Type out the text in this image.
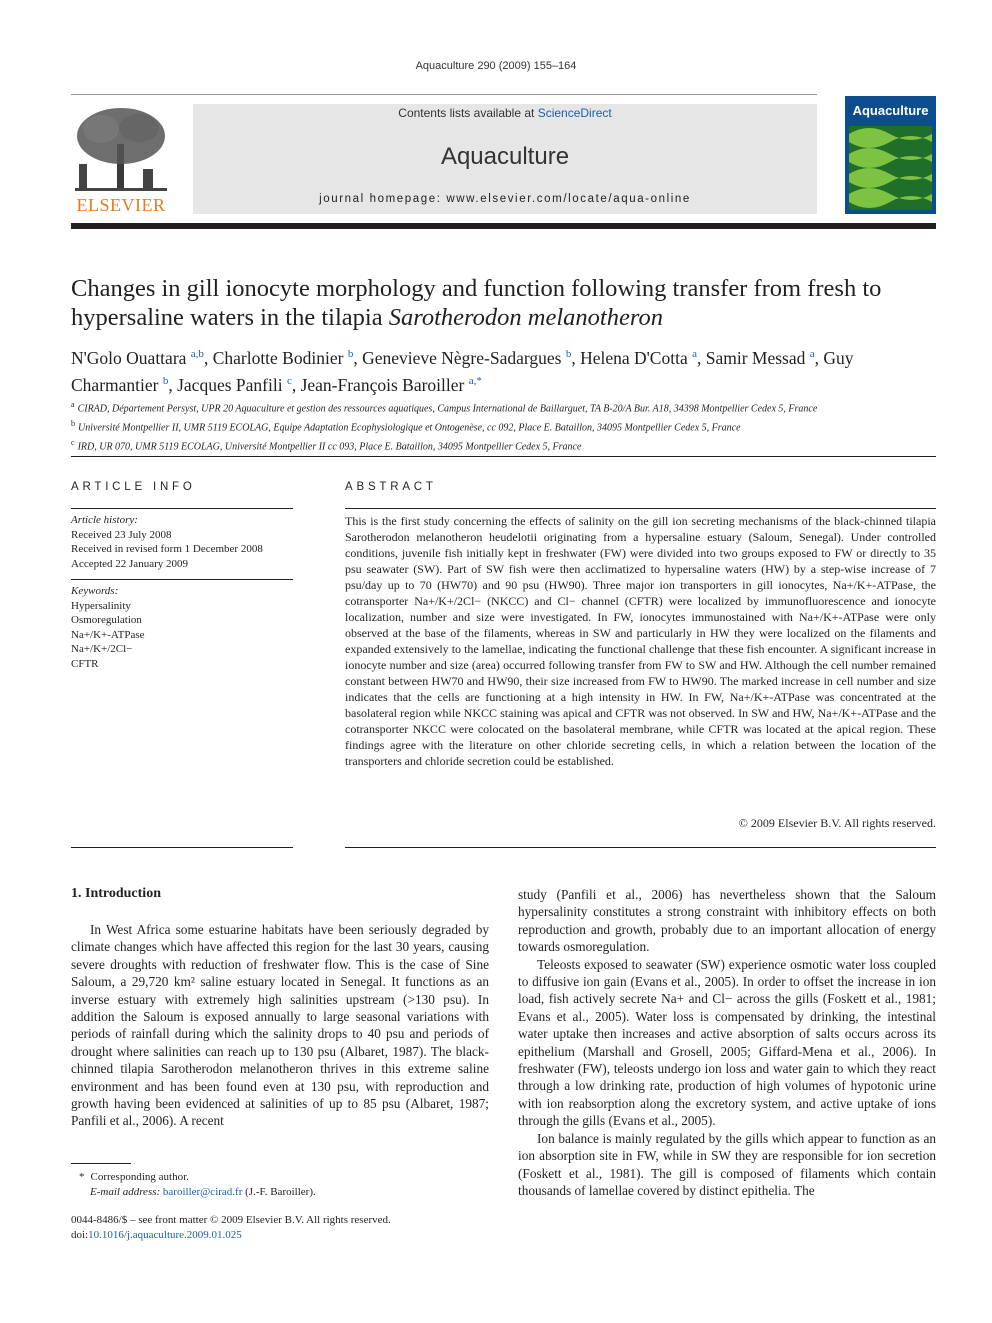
Aquaculture 290 (2009) 155–164
ELSEVIER
Contents lists available at ScienceDirect
Aquaculture
journal homepage: www.elsevier.com/locate/aqua-online
Aquaculture
Changes in gill ionocyte morphology and function following transfer from fresh to hypersaline waters in the tilapia Sarotherodon melanotheron
N'Golo Ouattara $^{a,b}$, Charlotte Bodinier $^b$, Genevieve Nègre-Sadargues $^b$, Helena D'Cotta $^a$, Samir Messad $^a$, Guy Charmantier $^b$, Jacques Panfili $^c$, Jean-François Baroiller $^{a,*}$
$^a$ CIRAD, Département Persyst, UPR 20 Aquaculture et gestion des ressources aquatiques, Campus International de Baillarguet, TA B-20/A Bur. A18, 34398 Montpellier Cedex 5, France
$^b$ Université Montpellier II, UMR 5119 ECOLAG, Equipe Adaptation Ecophysiologique et Ontogenèse, cc 092, Place E. Bataillon, 34095 Montpellier Cedex 5, France
$^c$ IRD, UR 070, UMR 5119 ECOLAG, Université Montpellier II cc 093, Place E. Bataillon, 34095 Montpellier Cedex 5, France
ARTICLE INFO
Article history:
Received 23 July 2008
Received in revised form 1 December 2008
Accepted 22 January 2009
Keywords:
Hypersalinity
Osmoregulation
Na+/K+-ATPase
Na+/K+/2Cl−
CFTR
ABSTRACT
This is the first study concerning the effects of salinity on the gill ion secreting mechanisms of the black-chinned tilapia Sarotherodon melanotheron heudelotii originating from a hypersaline estuary (Saloum, Senegal). Under controlled conditions, juvenile fish initially kept in freshwater (FW) were divided into two groups exposed to FW or directly to 35 psu seawater (SW). Part of SW fish were then acclimatized to hypersaline waters (HW) by a step-wise increase of 7 psu/day up to 70 (HW70) and 90 psu (HW90). Three major ion transporters in gill ionocytes, Na+/K+-ATPase, the cotransporter Na+/K+/2Cl− (NKCC) and Cl− channel (CFTR) were localized by immunofluorescence and ionocyte localization, number and size were investigated. In FW, ionocytes immunostained with Na+/K+-ATPase were only observed at the base of the filaments, whereas in SW and particularly in HW they were localized on the filaments and expanded extensively to the lamellae, indicating the functional challenge that these fish encounter. A significant increase in ionocyte number and size (area) occurred following transfer from FW to SW and HW. Although the cell number remained constant between HW70 and HW90, their size increased from FW to HW90. The marked increase in cell number and size indicates that the cells are functioning at a high intensity in HW. In FW, Na+/K+-ATPase was concentrated at the basolateral region while NKCC staining was apical and CFTR was not observed. In SW and HW, Na+/K+-ATPase and the cotransporter NKCC were colocated on the basolateral membrane, while CFTR was located at the apical region. These findings agree with the literature on other chloride secreting cells, in which a relation between the location of the transporters and chloride secretion could be established.
© 2009 Elsevier B.V. All rights reserved.
1. Introduction

In West Africa some estuarine habitats have been seriously degraded by climate changes which have affected this region for the last 30 years, causing severe droughts with reduction of freshwater flow. This is the case of Sine Saloum, a 29,720 km² saline estuary located in Senegal. It functions as an inverse estuary with extremely high salinities upstream (>130 psu). In addition the Saloum is exposed annually to large seasonal variations with periods of rainfall during which the salinity drops to 40 psu and periods of drought where salinities can reach up to 130 psu (Albaret, 1987). The black-chinned tilapia Sarotherodon melanotheron thrives in this extreme saline environment and has been found even at 130 psu, with reproduction and growth having been evidenced at salinities of up to 85 psu (Albaret, 1987; Panfili et al., 2006). A recent

study (Panfili et al., 2006) has nevertheless shown that the Saloum hypersalinity constitutes a strong constraint with inhibitory effects on both reproduction and growth, probably due to an important allocation of energy towards osmoregulation.

Teleosts exposed to seawater (SW) experience osmotic water loss coupled to diffusive ion gain (Evans et al., 2005). In order to offset the increase in ion load, fish actively secrete Na+ and Cl− across the gills (Foskett et al., 1981; Evans et al., 2005). Water loss is compensated by drinking, the intestinal water uptake then increases and active absorption of salts occurs across its epithelium (Marshall and Grosell, 2005; Giffard-Mena et al., 2006). In freshwater (FW), teleosts undergo ion loss and water gain to which they react through a low drinking rate, production of high volumes of hypotonic urine with ion reabsorption along the excretory system, and active uptake of ions through the gills (Evans et al., 2005).

Ion balance is mainly regulated by the gills which appear to function as an ion absorption site in FW, while in SW they are responsible for ion secretion (Foskett et al., 1981). The gill is composed of filaments which contain thousands of lamellae covered by distinct epithelia. The

* Corresponding author.
E-mail address: baroiller@cirad.fr (J.-F. Baroiller).
0044-8486/$ – see front matter © 2009 Elsevier B.V. All rights reserved.
doi:10.1016/j.aquaculture.2009.01.025
